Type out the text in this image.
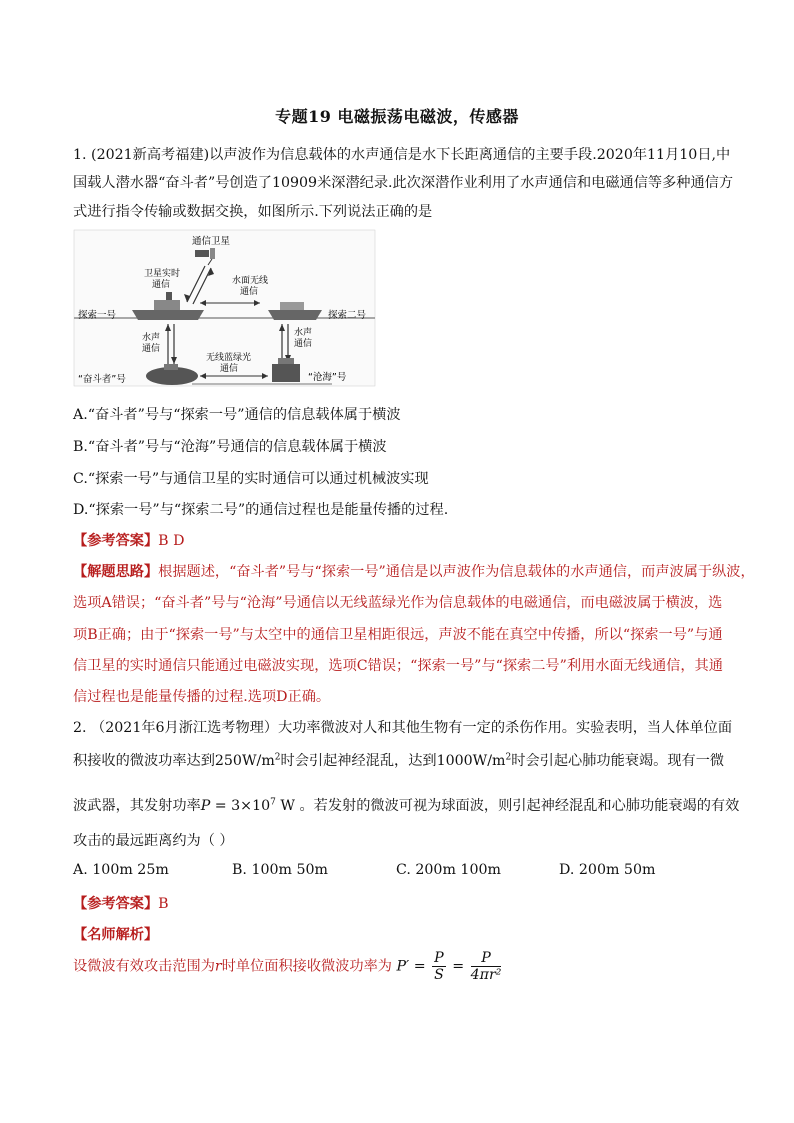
专题19 电磁振荡电磁波，传感器
1. (2021新高考福建)以声波作为信息载体的水声通信是水下长距离通信的主要手段.2020年11月10日,中
国载人潜水器“奋斗者”号创造了10909米深潜纪录.此次深潜作业利用了水声通信和电磁通信等多种通信方
式进行指令传输或数据交换，如图所示.下列说法正确的是
通信卫星
卫星实时
通信	水面无线
通信
探索一号	探索二号
水声
通信
水声
通信
“奋斗者”号
无线蓝绿光
通信
“沧海”号
A.“奋斗者”号与“探索一号”通信的信息载体属于横波
B.“奋斗者”号与“沧海”号通信的信息载体属于横波
C.“探索一号”与通信卫星的实时通信可以通过机械波实现
D.“探索一号”与“探索二号”的通信过程也是能量传播的过程.
【参考答案】B D
【解题思路】根据题述，“奋斗者”号与“探索一号”通信是以声波作为信息载体的水声通信，而声波属于纵波，
选项A错误；“奋斗者”号与“沧海”号通信以无线蓝绿光作为信息载体的电磁通信，而电磁波属于横波，选
项B正确；由于“探索一号”与太空中的通信卫星相距很远，声波不能在真空中传播，所以“探索一号”与通
信卫星的实时通信只能通过电磁波实现，选项C错误；“探索一号”与“探索二号”利用水面无线通信，其通
信过程也是能量传播的过程.选项D正确。
2. （2021年6月浙江选考物理）大功率微波对人和其他生物有一定的杀伤作用。实验表明，当人体单位面
积接收的微波功率达到$250W/m^2$时会引起神经混乱，达到$1000W/m^2$时会引起心肺功能衰竭。现有一微
波武器，其发射功率$P = 3\times 10^7$ W 。若发射的微波可视为球面波，则引起神经混乱和心肺功能衰竭的有效
攻击的最远距离约为（ ）
A. 100m 25m	B. 100m 50m	C. 200m 100m	D. 200m 50m
【参考答案】B
【名师解析】
设微波有效攻击范围为r时单位面积接收微波功率为 $P' = \frac{P}{S} = \frac{P}{\text{4πr²}}$
